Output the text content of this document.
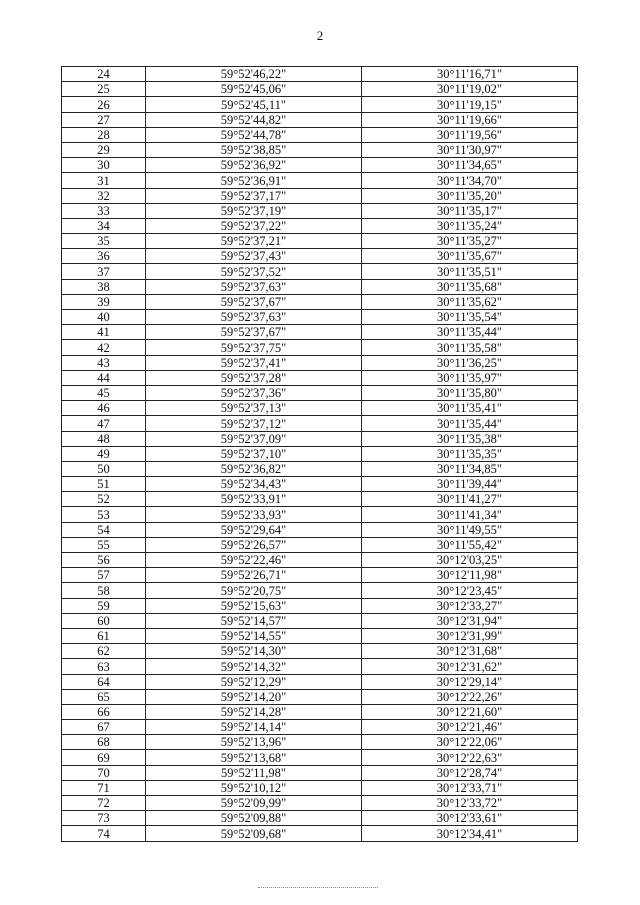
2
24	59°52'46,22"	30°11'16,71"
25	59°52'45,06"	30°11'19,02"
26	59°52'45,11"	30°11'19,15"
27	59°52'44,82"	30°11'19,66"
28	59°52'44,78"	30°11'19,56"
29	59°52'38,85"	30°11'30,97"
30	59°52'36,92"	30°11'34,65"
31	59°52'36,91"	30°11'34,70"
32	59°52'37,17"	30°11'35,20"
33	59°52'37,19"	30°11'35,17"
34	59°52'37,22"	30°11'35,24"
35	59°52'37,21"	30°11'35,27"
36	59°52'37,43"	30°11'35,67"
37	59°52'37,52"	30°11'35,51"
38	59°52'37,63"	30°11'35,68"
39	59°52'37,67"	30°11'35,62"
40	59°52'37,63"	30°11'35,54"
41	59°52'37,67"	30°11'35,44"
42	59°52'37,75"	30°11'35,58"
43	59°52'37,41"	30°11'36,25"
44	59°52'37,28"	30°11'35,97"
45	59°52'37,36"	30°11'35,80"
46	59°52'37,13"	30°11'35,41"
47	59°52'37,12"	30°11'35,44"
48	59°52'37,09"	30°11'35,38"
49	59°52'37,10"	30°11'35,35"
50	59°52'36,82"	30°11'34,85"
51	59°52'34,43"	30°11'39,44"
52	59°52'33,91"	30°11'41,27"
53	59°52'33,93"	30°11'41,34"
54	59°52'29,64"	30°11'49,55"
55	59°52'26,57"	30°11'55,42"
56	59°52'22,46"	30°12'03,25"
57	59°52'26,71"	30°12'11,98"
58	59°52'20,75"	30°12'23,45"
59	59°52'15,63"	30°12'33,27"
60	59°52'14,57"	30°12'31,94"
61	59°52'14,55"	30°12'31,99"
62	59°52'14,30"	30°12'31,68"
63	59°52'14,32"	30°12'31,62"
64	59°52'12,29"	30°12'29,14"
65	59°52'14,20"	30°12'22,26"
66	59°52'14,28"	30°12'21,60"
67	59°52'14,14"	30°12'21,46"
68	59°52'13,96"	30°12'22,06"
69	59°52'13,68"	30°12'22,63"
70	59°52'11,98"	30°12'28,74"
71	59°52'10,12"	30°12'33,71"
72	59°52'09,99"	30°12'33,72"
73	59°52'09,88"	30°12'33,61"
74	59°52'09,68"	30°12'34,41"
